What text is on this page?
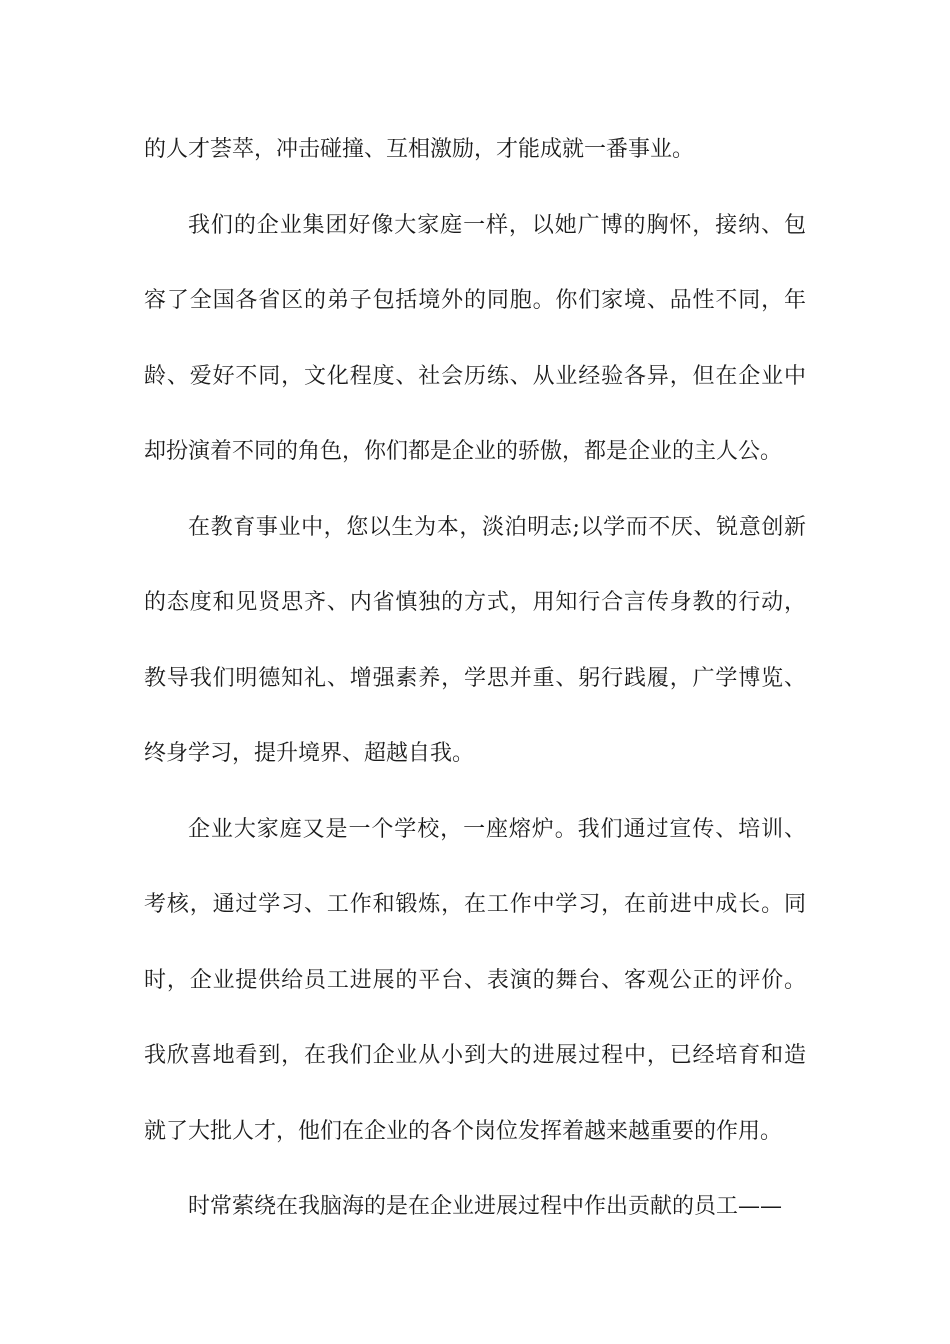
的人才荟萃，冲击碰撞、互相激励，才能成就一番事业。
我们的企业集团好像大家庭一样，以她广博的胸怀，接纳、包
容了全国各省区的弟子包括境外的同胞。你们家境、品性不同，年
龄、爱好不同，文化程度、社会历练、从业经验各异，但在企业中
却扮演着不同的角色，你们都是企业的骄傲，都是企业的主人公。
在教育事业中，您以生为本，淡泊明志;以学而不厌、锐意创新
的态度和见贤思齐、内省慎独的方式，用知行合言传身教的行动，
教导我们明德知礼、增强素养，学思并重、躬行践履，广学博览、
终身学习，提升境界、超越自我。
企业大家庭又是一个学校，一座熔炉。我们通过宣传、培训、
考核，通过学习、工作和锻炼，在工作中学习，在前进中成长。同
时，企业提供给员工进展的平台、表演的舞台、客观公正的评价。
我欣喜地看到，在我们企业从小到大的进展过程中，已经培育和造
就了大批人才，他们在企业的各个岗位发挥着越来越重要的作用。
时常萦绕在我脑海的是在企业进展过程中作出贡献的员工——
